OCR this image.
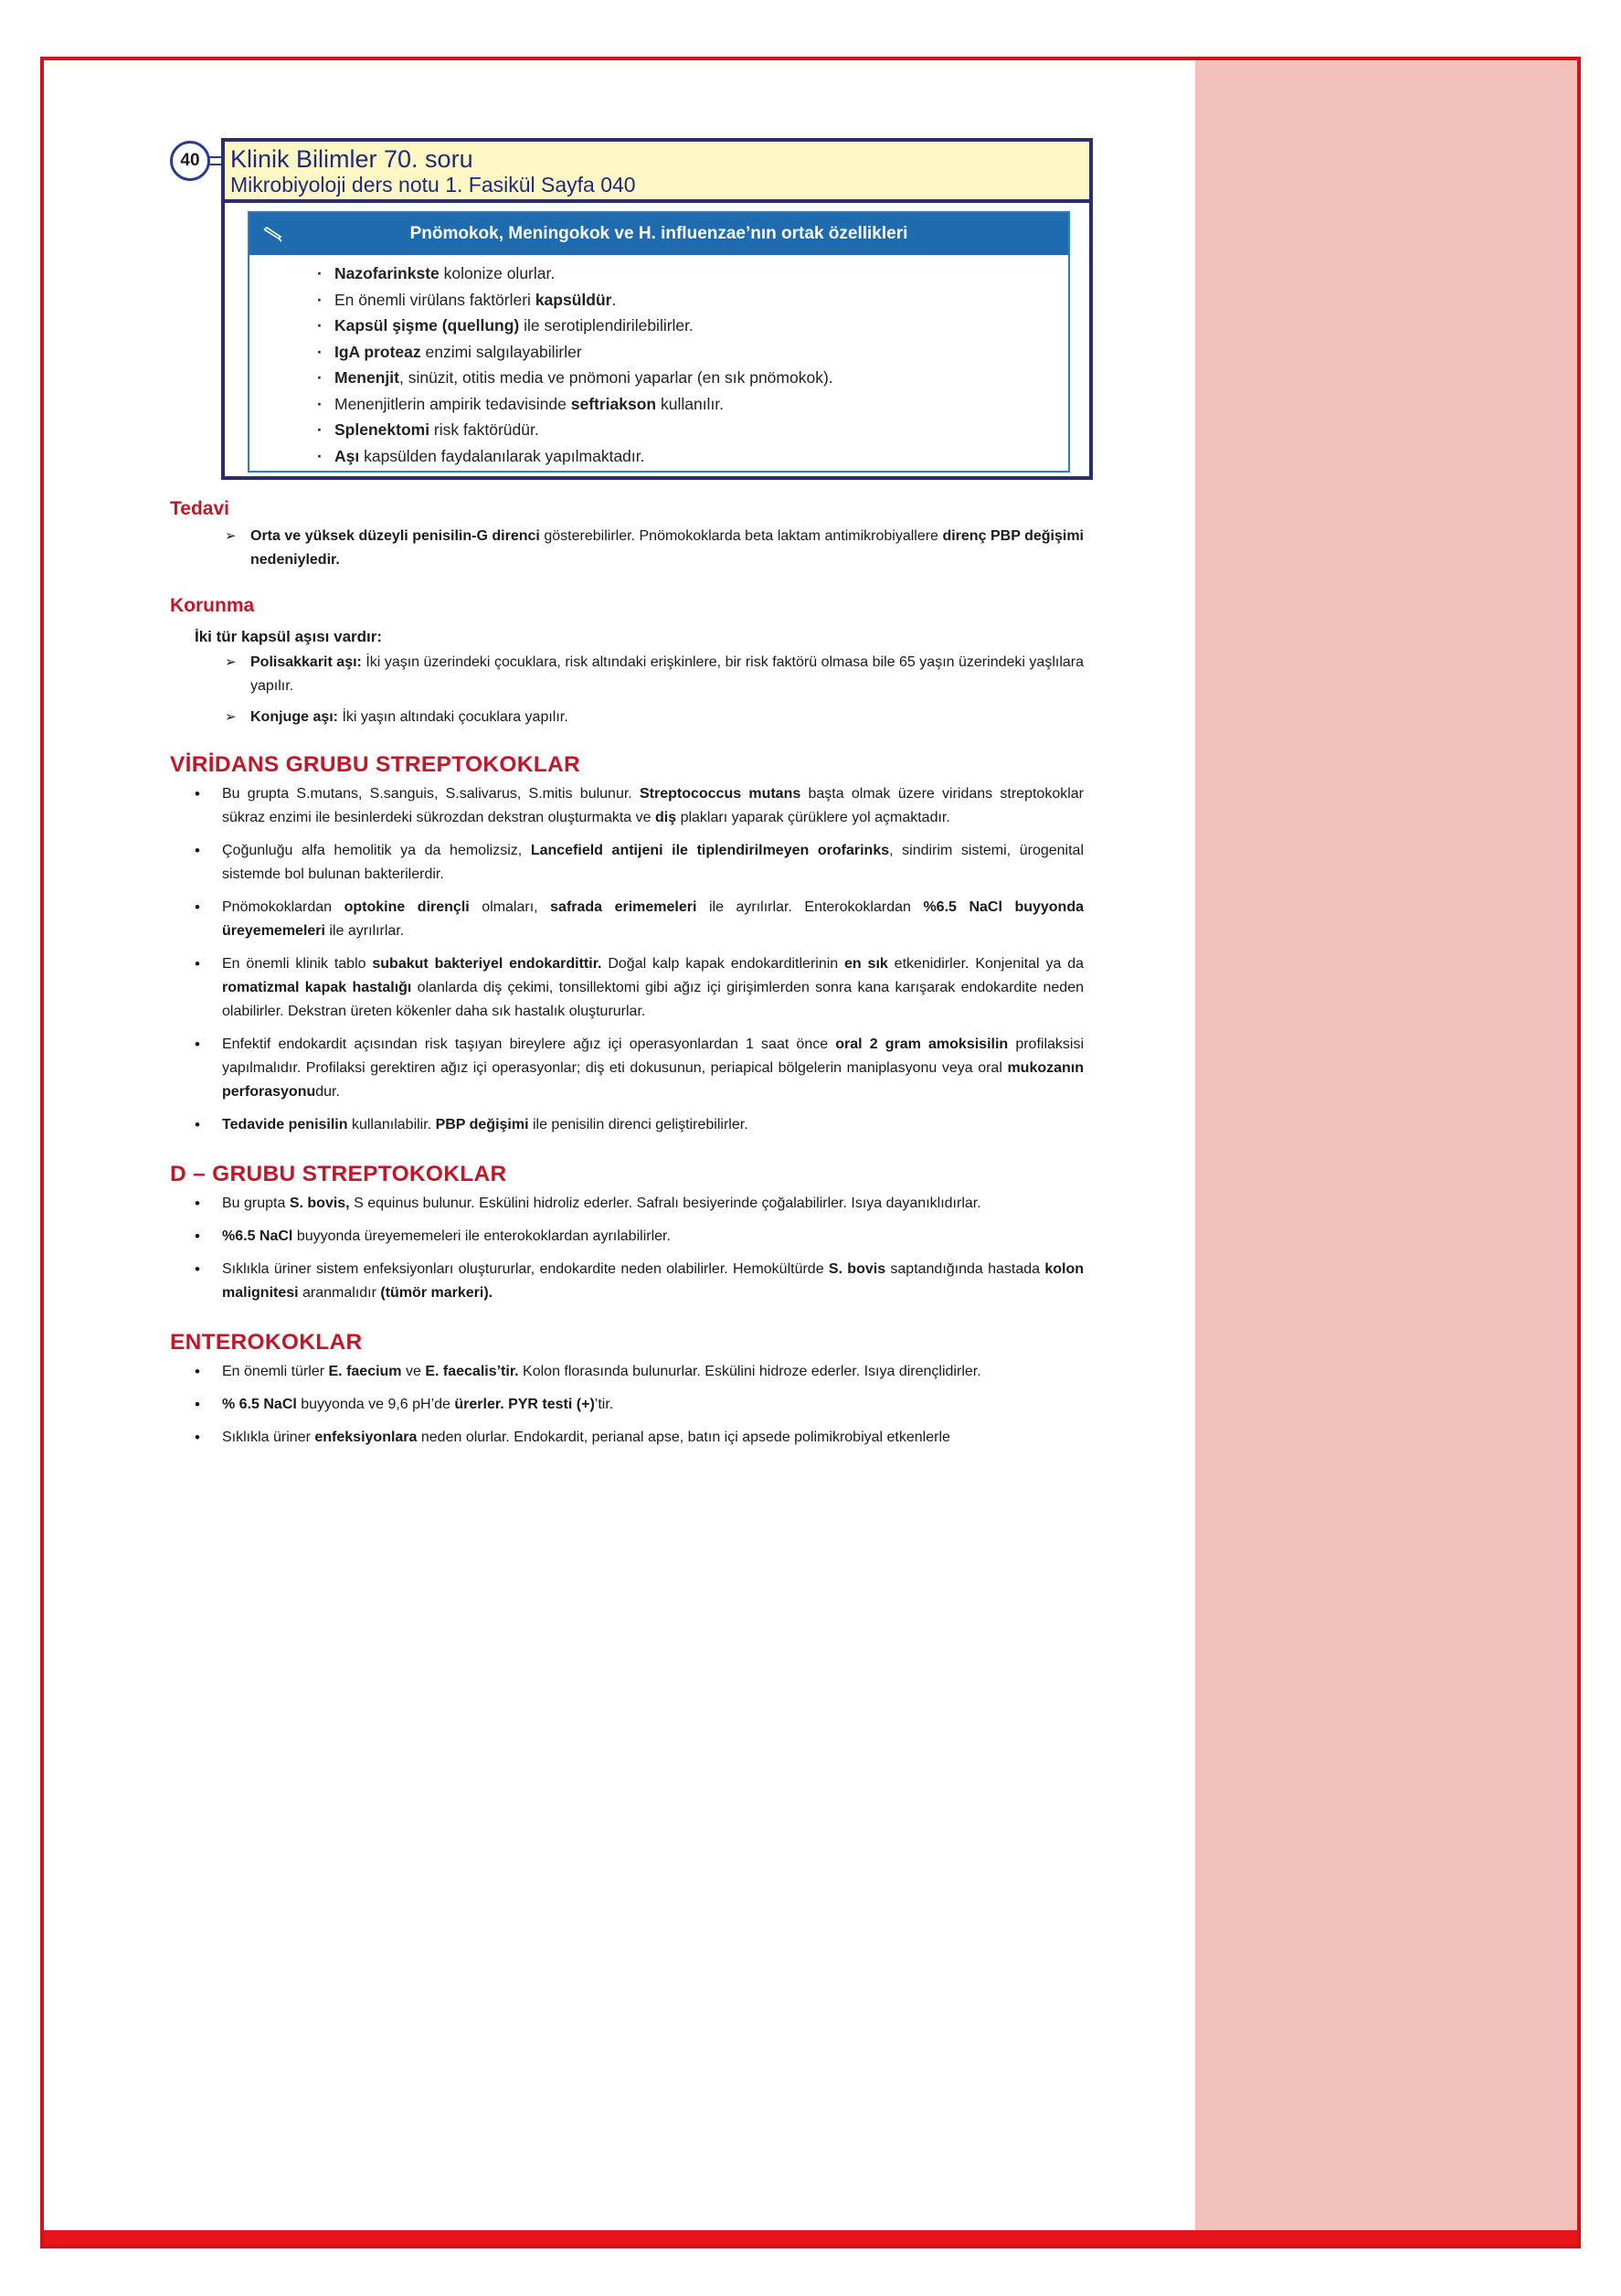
40	Klinik Bilimler 70. soru
Mikrobiyoloji ders notu 1. Fasikül Sayfa 040
Pnömokok, Meningokok ve H. influenzae’nın ortak özellikleri
· Nazofarinkste kolonize olurlar.
· En önemli virülans faktörleri kapsüldür.
· Kapsül şişme (quellung) ile serotiplendirilebilirler.
· IgA proteaz enzimi salgılayabilirler
· Menenjit, sinüzit, otitis media ve pnömoni yaparlar (en sık pnömokok).
· Menenjitlerin ampirik tedavisinde seftriakson kullanılır.
· Splenektomi risk faktörüdür.
· Aşı kapsülden faydalanılarak yapılmaktadır.
Tedavi
➢ Orta ve yüksek düzeyli penisilin-G direnci gösterebilirler. Pnömokoklarda beta laktam antimikrobiyallere direnç PBP değişimi nedeniyledir.
Korunma

İki tür kapsül aşısı vardır:

➢ Polisakkarit aşı: İki yaşın üzerindeki çocuklara, risk altındaki erişkinlere, bir risk faktörü olmasa bile 65 yaşın üzerindeki yaşlılara yapılır.
➢ Konjuge aşı: İki yaşın altındaki çocuklara yapılır.
VİRİDANS GRUBU STREPTOKOKLAR
• Bu grupta S.mutans, S.sanguis, S.salivarus, S.mitis bulunur. Streptococcus mutans başta olmak üzere viridans streptokoklar sükraz enzimi ile besinlerdeki sükrozdan dekstran oluşturmakta ve diş plakları yaparak çürüklere yol açmaktadır.
• Çoğunluğu alfa hemolitik ya da hemolizsiz, Lancefield antijeni ile tiplendirilmeyen orofarinks, sindirim sistemi, ürogenital sistemde bol bulunan bakterilerdir.
• Pnömokoklardan optokine dirençli olmaları, safrada erimemeleri ile ayrılırlar. Enterokoklardan %6.5 NaCl buyyonda üreyememeleri ile ayrılırlar.
• En önemli klinik tablo subakut bakteriyel endokardittir. Doğal kalp kapak endokarditlerinin en sık etkenidirler. Konjenital ya da romatizmal kapak hastalığı olanlarda diş çekimi, tonsillektomi gibi ağız içi girişimlerden sonra kana karışarak endokardite neden olabilirler. Dekstran üreten kökenler daha sık hastalık oluştururlar.
• Enfektif endokardit açısından risk taşıyan bireylere ağız içi operasyonlardan 1 saat önce oral 2 gram amoksisilin profilaksisi yapılmalıdır. Profilaksi gerektiren ağız içi operasyonlar; diş eti dokusunun, periapical bölgelerin maniplasyonu veya oral mukozanın perforasyonudur.
• Tedavide penisilin kullanılabilir. PBP değişimi ile penisilin direnci geliştirebilirler.
D – GRUBU STREPTOKOKLAR
• Bu grupta S. bovis, S equinus bulunur. Eskülini hidroliz ederler. Safralı besiyerinde çoğalabilirler. Isıya dayanıklıdırlar.
• %6.5 NaCl buyyonda üreyememeleri ile enterokoklardan ayrılabilirler.
• Sıklıkla üriner sistem enfeksiyonları oluştururlar, endokardite neden olabilirler. Hemokültürde S. bovis saptandığında hastada kolon malignitesi aranmalıdır (tümör markeri).
ENTEROKOKLAR
• En önemli türler E. faecium ve E. faecalis’tir. Kolon florasında bulunurlar. Eskülini hidroze ederler. Isıya dirençlidirler.
• % 6.5 NaCl buyyonda ve 9,6 pH’de ürerler. PYR testi (+)’tir.
• Sıklıkla üriner enfeksiyonlara neden olurlar. Endokardit, perianal apse, batın içi apsede polimikrobiyal etkenlerle
